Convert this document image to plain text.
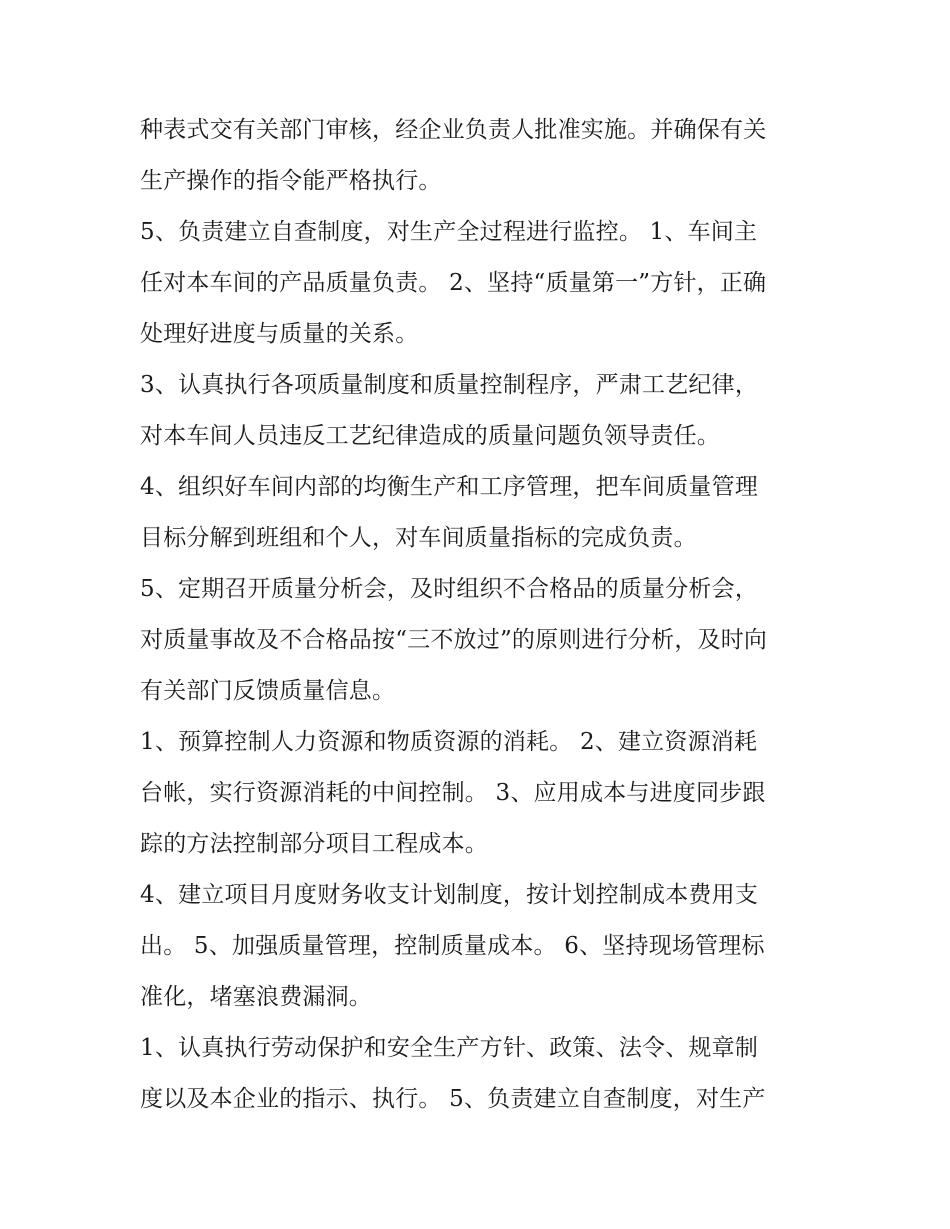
种表式交有关部门审核，经企业负责人批准实施。并确保有关
生产操作的指令能严格执行。
5、负责建立自查制度，对生产全过程进行监控。 1、车间主
任对本车间的产品质量负责。 2、坚持“质量第一”方针，正确
处理好进度与质量的关系。
3、认真执行各项质量制度和质量控制程序，严肃工艺纪律，
对本车间人员违反工艺纪律造成的质量问题负领导责任。
4、组织好车间内部的均衡生产和工序管理，把车间质量管理
目标分解到班组和个人，对车间质量指标的完成负责。
5、定期召开质量分析会，及时组织不合格品的质量分析会，
对质量事故及不合格品按“三不放过”的原则进行分析，及时向
有关部门反馈质量信息。
1、预算控制人力资源和物质资源的消耗。 2、建立资源消耗
台帐，实行资源消耗的中间控制。 3、应用成本与进度同步跟
踪的方法控制部分项目工程成本。
4、建立项目月度财务收支计划制度，按计划控制成本费用支
出。 5、加强质量管理，控制质量成本。 6、坚持现场管理标
准化，堵塞浪费漏洞。
1、认真执行劳动保护和安全生产方针、政策、法令、规章制
度以及本企业的指示、执行。 5、负责建立自查制度，对生产
